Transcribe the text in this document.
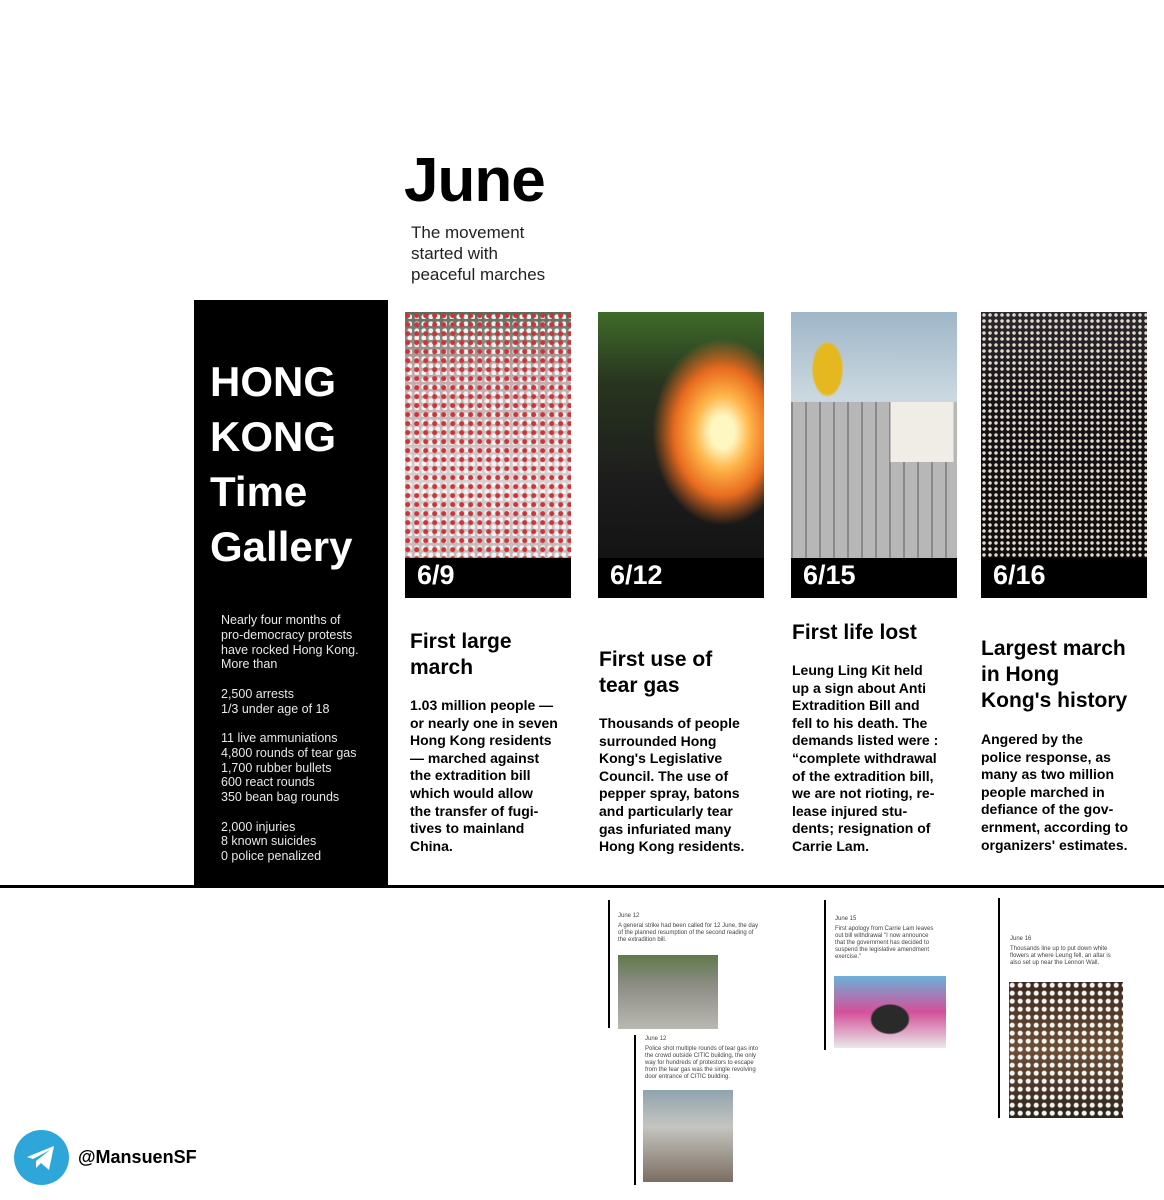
June
The movement
started with
peaceful marches
HONG
KONG
Time
Gallery

Nearly four months of
pro-democracy protests
have rocked Hong Kong.
More than

2,500 arrests
1/3 under age of 18

11 live ammuniations
4,800 rounds of tear gas
1,700 rubber bullets
600 react rounds
350 bean bag rounds

2,000 injuries
8 known suicides
0 police penalized

6/9
First large
march
1.03 million people —
or nearly one in seven
Hong Kong residents
— marched against
the extradition bill
which would allow
the transfer of fugi-
tives to mainland
China.
6/12
First use of
tear gas
Thousands of people
surrounded Hong
Kong's Legislative
Council. The use of
pepper spray, batons
and particularly tear
gas infuriated many
Hong Kong residents.
6/15
First life lost
Leung Ling Kit held
up a sign about Anti
Extradition Bill and
fell to his death. The
demands listed were :
“complete withdrawal
of the extradition bill,
we are not rioting, re-
lease injured stu-
dents; resignation of
Carrie Lam.
6/16
Largest march
in Hong
Kong's history
Angered by the
police response, as
many as two million
people marched in
defiance of the gov-
ernment, according to
organizers' estimates.
June 12
A general strike had been called for 12 June, the day
of the planned resumption of the second reading of
the extradition bill.
June 12
Police shot multiple rounds of tear gas into
the crowd outside CITIC building, the only
way for hundreds of protestors to escape
from the tear gas was the single revolving
door entrance of CITIC building.
June 15
First apology from Carrie Lam leaves
out bill withdrawal "I now announce
that the government has decided to
suspend the legislative amendment
exercise."
June 16
Thousands line up to put down white
flowers at where Leung fell, an altar is
also set up near the Lennon Wall.
@MansuenSF
